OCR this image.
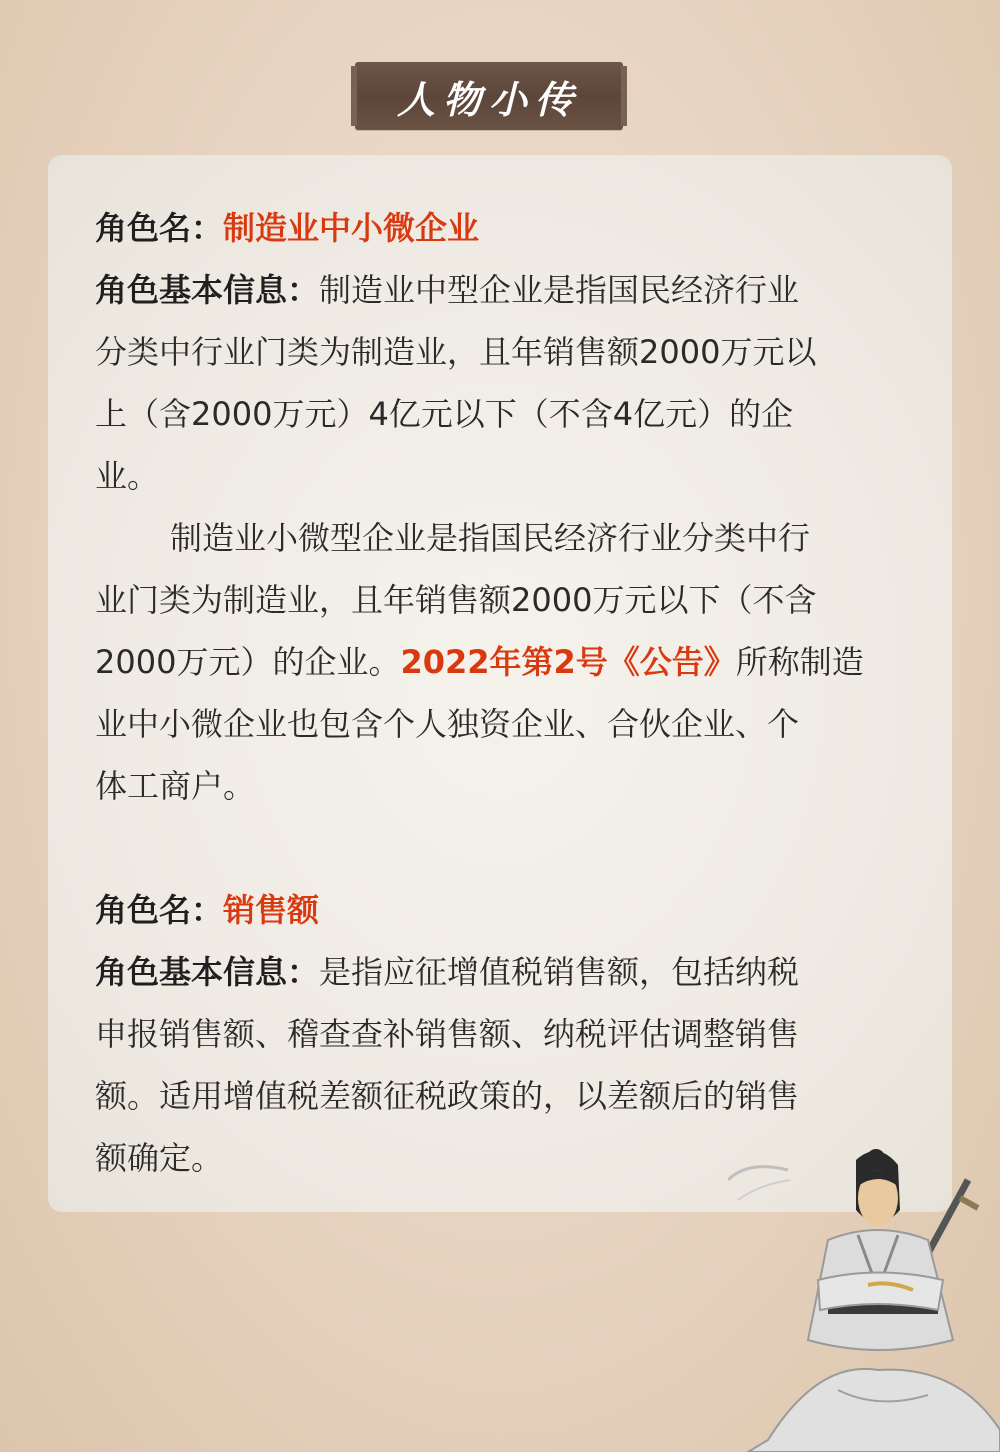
人物小传
角色名：制造业中小微企业
角色基本信息：制造业中型企业是指国民经济行业
分类中行业门类为制造业，且年销售额2000万元以
上（含2000万元）4亿元以下（不含4亿元）的企
业。
制造业小微型企业是指国民经济行业分类中行
业门类为制造业，且年销售额2000万元以下（不含
2000万元）的企业。2022年第2号《公告》所称制造
业中小微企业也包含个人独资企业、合伙企业、个
体工商户。
角色名：销售额
角色基本信息：是指应征增值税销售额，包括纳税
申报销售额、稽查查补销售额、纳税评估调整销售
额。适用增值税差额征税政策的，以差额后的销售
额确定。
